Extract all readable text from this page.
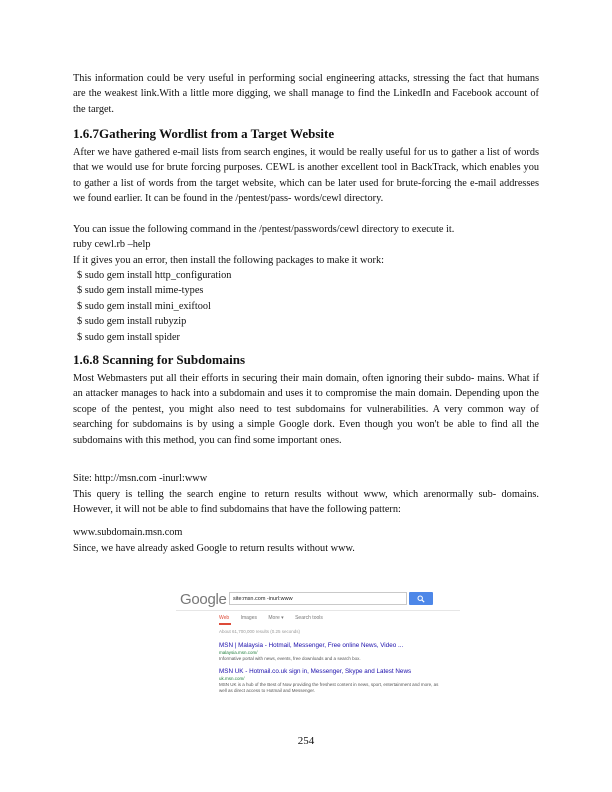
This information could be very useful in performing social engineering attacks, stressing the fact that humans are the weakest link.With a little more digging, we shall manage to find the LinkedIn and Facebook account of the target.
1.6.7Gathering Wordlist from a Target Website
After we have gathered e-mail lists from search engines, it would be really useful for us to gather a list of words that we would use for brute forcing purposes. CEWL is another excellent tool in BackTrack, which enables you to gather a list of words from the target website, which can be later used for brute-forcing the e-mail addresses we found earlier. It can be found in the /pentest/pass- words/cewl directory.
You can issue the following command in the /pentest/passwords/cewl directory to execute it.
ruby cewl.rb –help
If it gives you an error, then install the following packages to make it work:
$ sudo gem install http_configuration
$ sudo gem install mime-types
$ sudo gem install mini_exiftool
$ sudo gem install rubyzip
$ sudo gem install spider
1.6.8 Scanning for Subdomains
Most Webmasters put all their efforts in securing their main domain, often ignoring their subdo- mains. What if an attacker manages to hack into a subdomain and uses it to compromise the main domain. Depending upon the scope of the pentest, you might also need to test subdomains for vulnerabilities. A very common way of searching for subdomains is by using a simple Google dork. Even though you won't be able to find all the subdomains with this method, you can find some important ones.
Site: http://msn.com -inurl:www
This query is telling the search engine to return results without www, which arenormally sub- domains. However, it will not be able to find subdomains that have the following pattern:
www.subdomain.msn.com
Since, we have already asked Google to return results without www.
Google	site:msn.com -inurl:www
Web Images More ▾ Search tools
About 61,700,000 results (0.25 seconds)
MSN | Malaysia - Hotmail, Messenger, Free online News, Video ...
malaysia.msn.com/
Informative portal with news, events, free downloads and a search box.
MSN UK - Hotmail.co.uk sign in, Messenger, Skype and Latest News
uk.msn.com/
MSN UK is a hub of the Best of Now providing the freshest content in news, sport, entertainment and more, as well as direct access to Hotmail and Messenger.
254
